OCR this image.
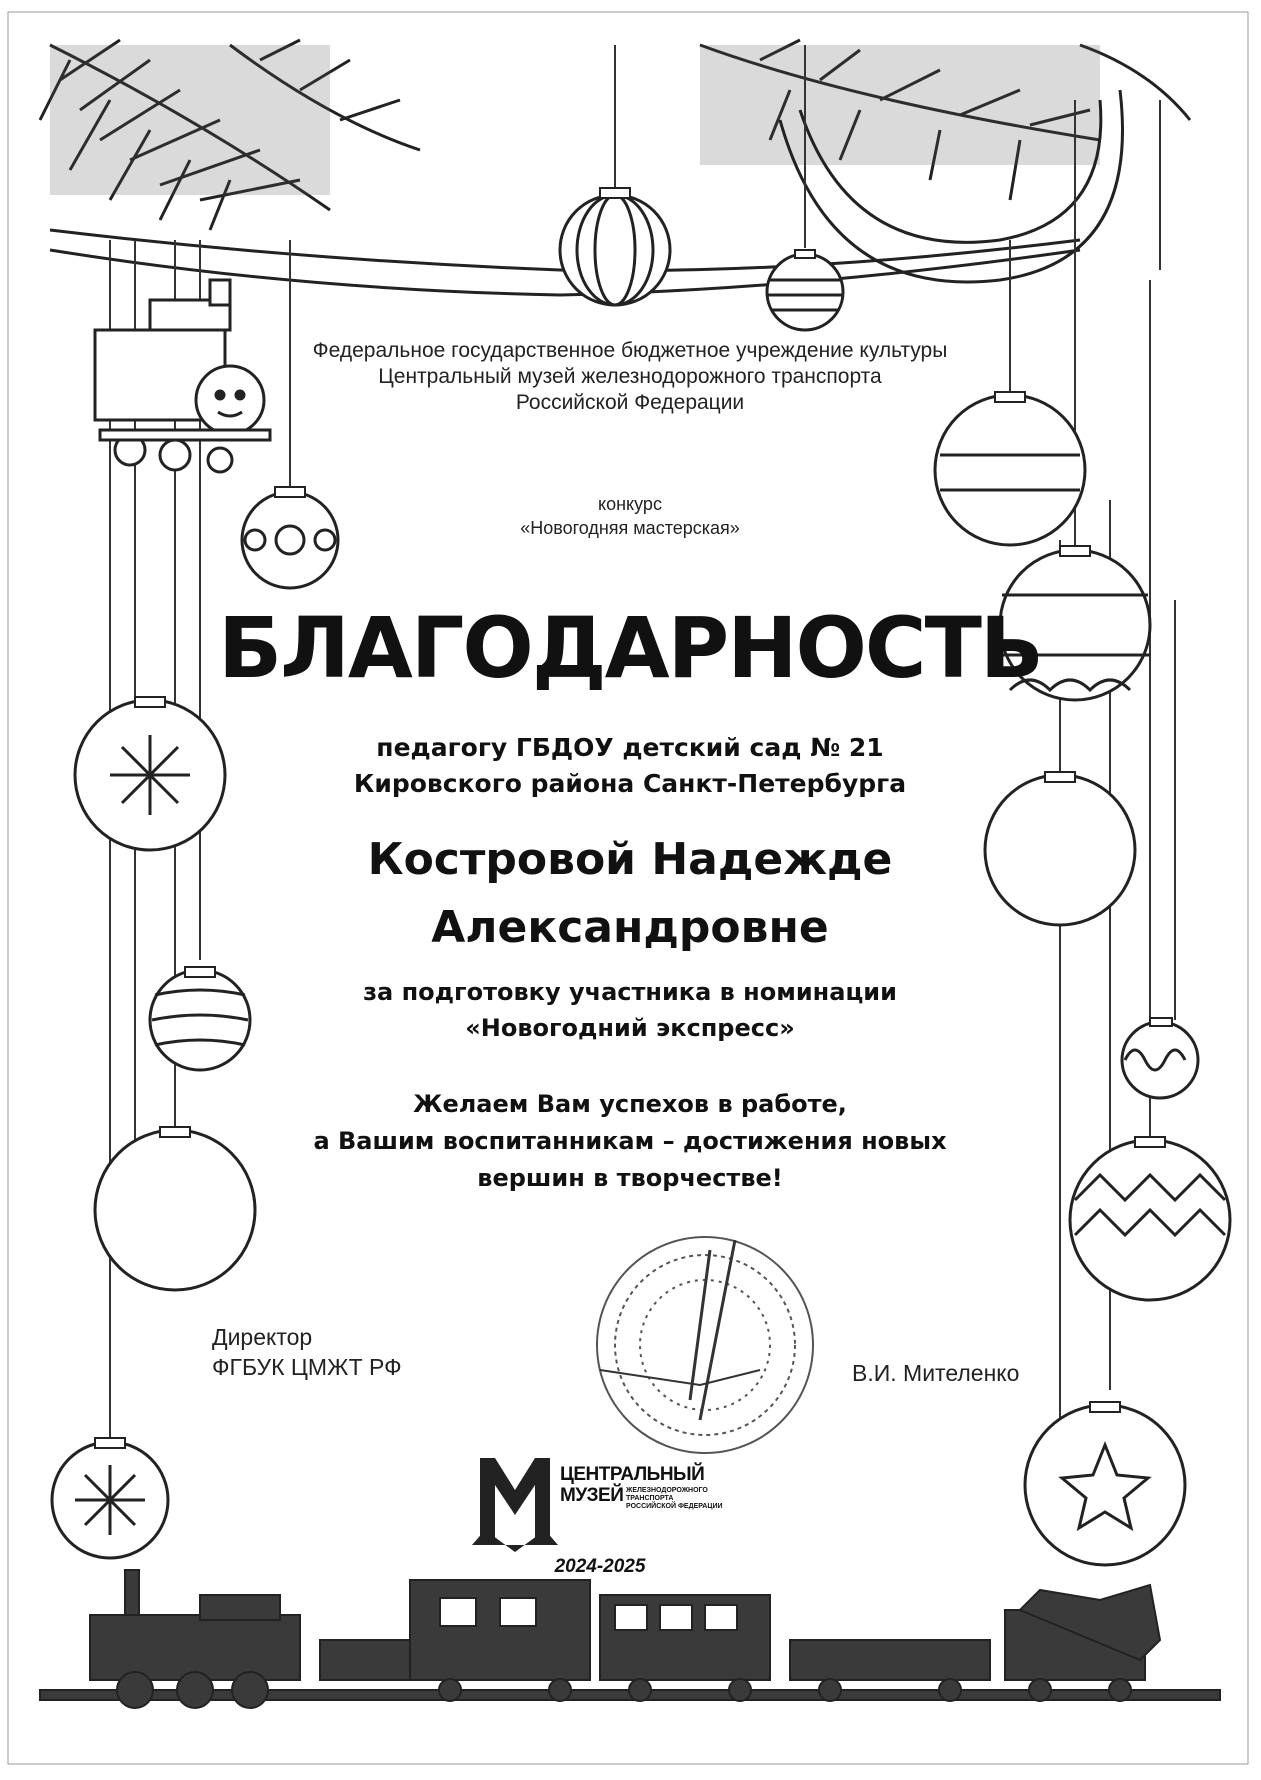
Федеральное государственное бюджетное учреждение культуры
Центральный музей железнодорожного транспорта
Российской Федерации
конкурс
«Новогодняя мастерская»
БЛАГОДАРНОСТЬ
педагогу ГБДОУ детский сад № 21
Кировского района Санкт-Петербурга
Костровой Надежде
Александровне
за подготовку участника в номинации
«Новогодний экспресс»
Желаем Вам успехов в работе,
а Вашим воспитанникам – достижения новых
вершин в творчестве!
Директор
ФГБУК ЦМЖТ РФ	В.И. Мителенко
ЦЕНТРАЛЬНЫЙ
МУЗЕЙ ЖЕЛЕЗНОДОРОЖНОГО ТРАНСПОРТА
РОССИЙСКОЙ ФЕДЕРАЦИИ
2024-2025
